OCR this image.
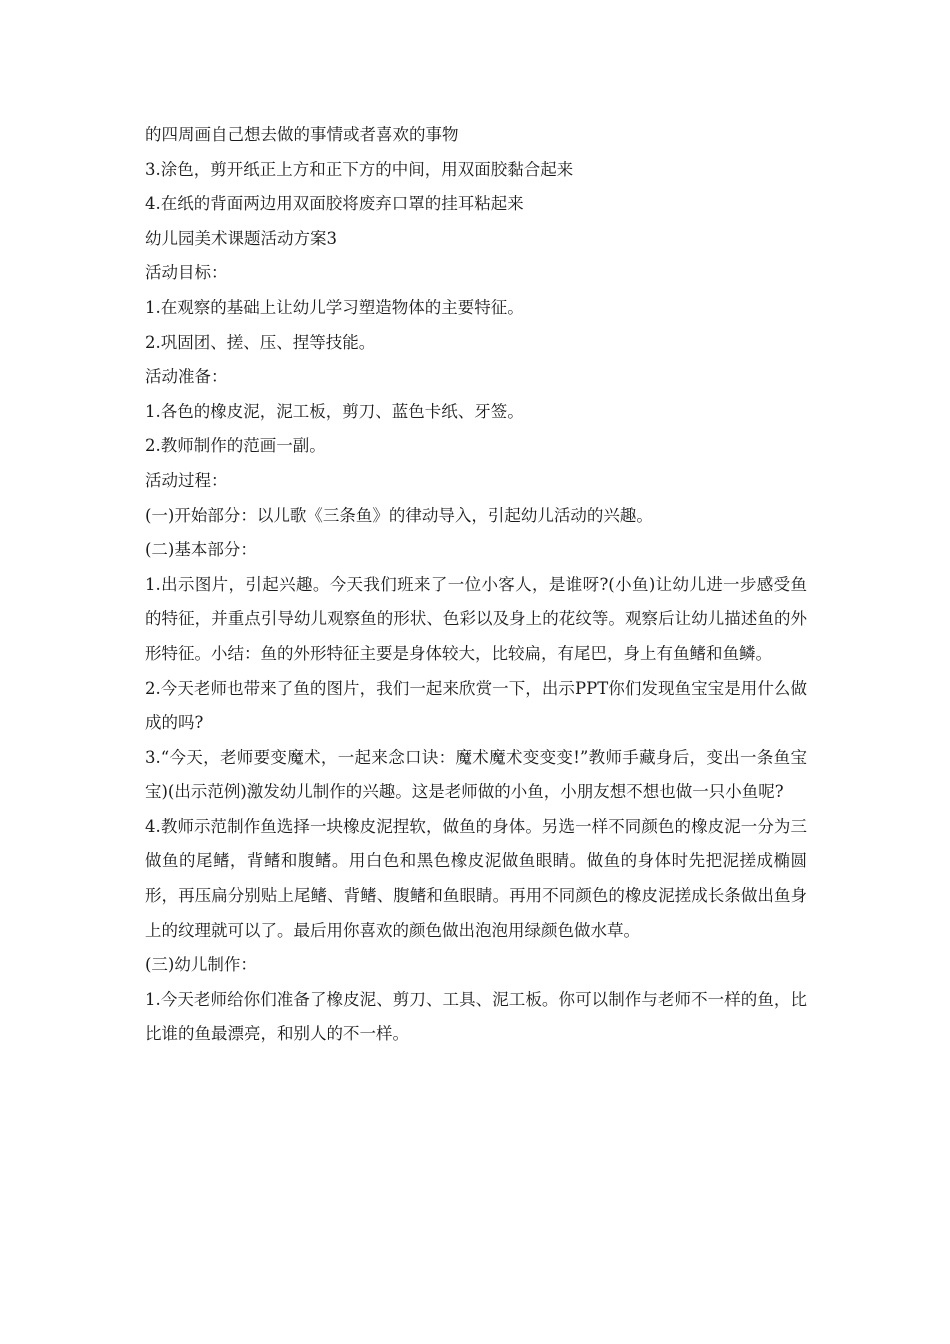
的四周画自己想去做的事情或者喜欢的事物

3.涂色，剪开纸正上方和正下方的中间，用双面胶黏合起来

4.在纸的背面两边用双面胶将废弃口罩的挂耳粘起来

幼儿园美术课题活动方案3

活动目标：

1.在观察的基础上让幼儿学习塑造物体的主要特征。

2.巩固团、搓、压、捏等技能。

活动准备：

1.各色的橡皮泥，泥工板，剪刀、蓝色卡纸、牙签。

2.教师制作的范画一副。

活动过程：

(一)开始部分：以儿歌《三条鱼》的律动导入，引起幼儿活动的兴趣。

(二)基本部分：

1.出示图片，引起兴趣。今天我们班来了一位小客人，是谁呀?(小鱼)让幼儿进一步感受鱼的特征，并重点引导幼儿观察鱼的形状、色彩以及身上的花纹等。观察后让幼儿描述鱼的外形特征。小结：鱼的外形特征主要是身体较大，比较扁，有尾巴，身上有鱼鳍和鱼鳞。

2.今天老师也带来了鱼的图片，我们一起来欣赏一下，出示PPT你们发现鱼宝宝是用什么做成的吗?

3.“今天，老师要变魔术，一起来念口诀：魔术魔术变变变!”教师手藏身后，变出一条鱼宝宝)(出示范例)激发幼儿制作的兴趣。这是老师做的小鱼，小朋友想不想也做一只小鱼呢?

4.教师示范制作鱼选择一块橡皮泥捏软，做鱼的身体。另选一样不同颜色的橡皮泥一分为三做鱼的尾鳍，背鳍和腹鳍。用白色和黑色橡皮泥做鱼眼睛。做鱼的身体时先把泥搓成椭圆形，再压扁分别贴上尾鳍、背鳍、腹鳍和鱼眼睛。再用不同颜色的橡皮泥搓成长条做出鱼身上的纹理就可以了。最后用你喜欢的颜色做出泡泡用绿颜色做水草。

(三)幼儿制作：

1.今天老师给你们准备了橡皮泥、剪刀、工具、泥工板。你可以制作与老师不一样的鱼，比比谁的鱼最漂亮，和别人的不一样。
